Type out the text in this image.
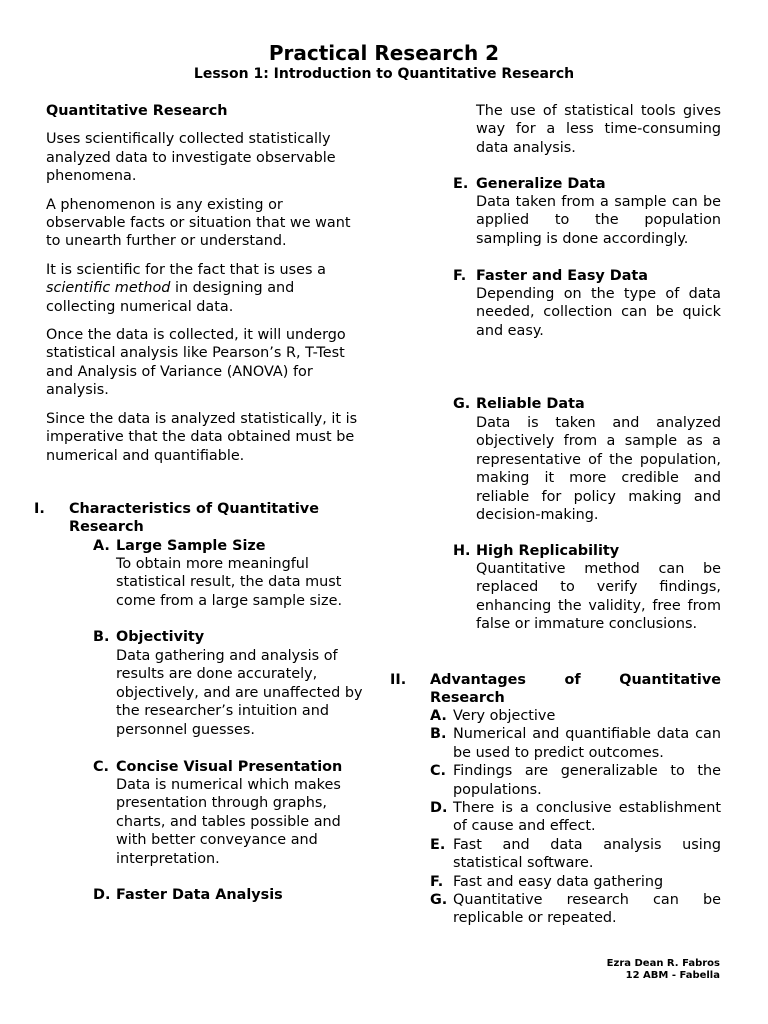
Practical Research 2
Lesson 1: Introduction to Quantitative Research

Quantitative Research

Uses scientifically collected statistically analyzed data to investigate observable phenomena.

A phenomenon is any existing or observable facts or situation that we want to unearth further or understand.

It is scientific for the fact that is uses a scientific method in designing and collecting numerical data.

Once the data is collected, it will undergo statistical analysis like Pearson’s R, T-Test and Analysis of Variance (ANOVA) for analysis.

Since the data is analyzed statistically, it is imperative that the data obtained must be numerical and quantifiable.

I. Characteristics of Quantitative Research
A. Large Sample Size
To obtain more meaningful statistical result, the data must come from a large sample size.
B. Objectivity
Data gathering and analysis of results are done accurately, objectively, and are unaffected by the researcher’s intuition and personnel guesses.
C. Concise Visual Presentation
Data is numerical which makes presentation through graphs, charts, and tables possible and with better conveyance and interpretation.
D. Faster Data Analysis
The use of statistical tools gives way for a less time-consuming data analysis.
E. Generalize Data
Data taken from a sample can be applied to the population sampling is done accordingly.
F. Faster and Easy Data
Depending on the type of data needed, collection can be quick and easy.
G. Reliable Data
Data is taken and analyzed objectively from a sample as a representative of the population, making it more credible and reliable for policy making and decision-making.
H. High Replicability
Quantitative method can be replaced to verify findings, enhancing the validity, free from false or immature conclusions.
II. Advantages of Quantitative
Research
A. Very objective
B. Numerical and quantifiable data can be used to predict outcomes.
C. Findings are generalizable to the populations.
D. There is a conclusive establishment of cause and effect.
E. Fast and data analysis using statistical software.
F. Fast and easy data gathering
G. Quantitative research can be replicable or repeated.
Ezra Dean R. Fabros
12 ABM - Fabella
